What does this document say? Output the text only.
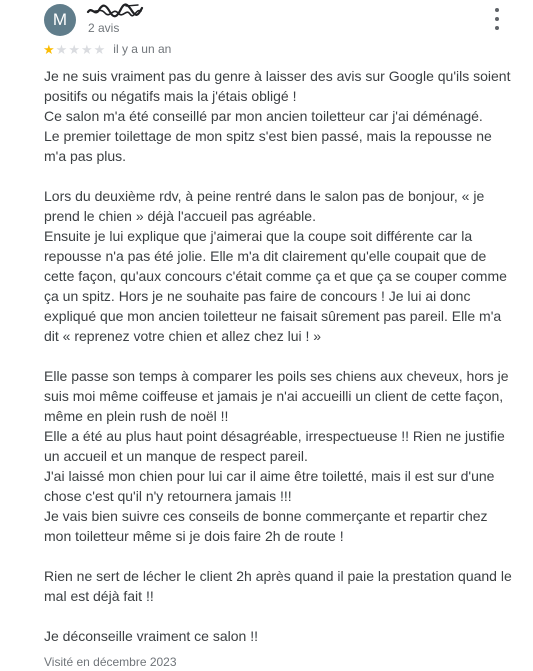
M	2 avis
★ ★ ★ ★ ★ il y a un an

Je ne suis vraiment pas du genre à laisser des avis sur Google qu'ils soient positifs ou négatifs mais la j'étais obligé !
Ce salon m'a été conseillé par mon ancien toiletteur car j'ai déménagé.
Le premier toilettage de mon spitz s'est bien passé, mais la repousse ne m'a pas plus.

Lors du deuxième rdv, à peine rentré dans le salon pas de bonjour, « je prend le chien » déjà l'accueil pas agréable.
Ensuite je lui explique que j'aimerai que la coupe soit différente car la repousse n'a pas été jolie. Elle m'a dit clairement qu'elle coupait que de cette façon, qu'aux concours c'était comme ça et que ça se couper comme ça un spitz. Hors je ne souhaite pas faire de concours ! Je lui ai donc expliqué que mon ancien toiletteur ne faisait sûrement pas pareil. Elle m'a dit « reprenez votre chien et allez chez lui ! »

Elle passe son temps à comparer les poils ses chiens aux cheveux, hors je suis moi même coiffeuse et jamais je n'ai accueilli un client de cette façon, même en plein rush de noël !!
Elle a été au plus haut point désagréable, irrespectueuse !! Rien ne justifie un accueil et un manque de respect pareil.
J'ai laissé mon chien pour lui car il aime être toiletté, mais il est sur d'une chose c'est qu'il n'y retournera jamais !!!
Je vais bien suivre ces conseils de bonne commerçante et repartir chez mon toiletteur même si je dois faire 2h de route !

Rien ne sert de lécher le client 2h après quand il paie la prestation quand le mal est déjà fait !!

Je déconseille vraiment ce salon !!

Visité en décembre 2023
